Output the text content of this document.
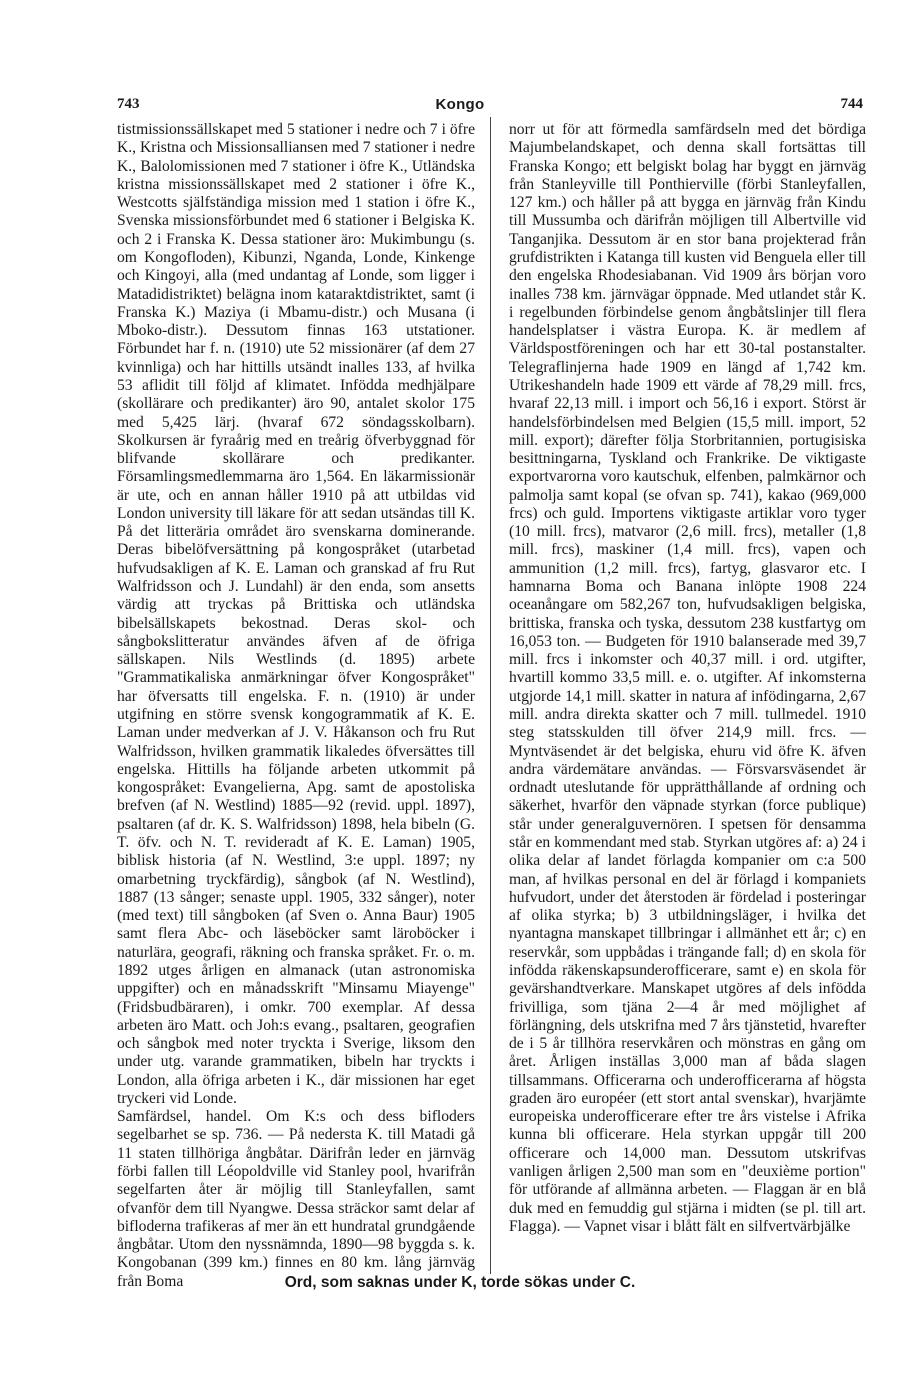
743	Kongo	744

tistmissionssällskapet med 5 stationer i nedre och 7 i öfre K., Kristna och Missionsalliansen med 7 stationer i nedre K., Balolomissionen med 7 stationer i öfre K., Utländska kristna missionssällskapet med 2 stationer i öfre K., Westcotts själfständiga mission med 1 station i öfre K., Svenska missionsförbundet med 6 stationer i Belgiska K. och 2 i Franska K. Dessa stationer äro: Mukimbungu (s. om Kongofloden), Kibunzi, Nganda, Londe, Kinkenge och Kingoyi, alla (med undantag af Londe, som ligger i Matadidistriktet) belägna inom kataraktdistriktet, samt (i Franska K.) Maziya (i Mbamu-distr.) och Musana (i Mboko-distr.). Dessutom finnas 163 utstationer. Förbundet har f. n. (1910) ute 52 missionärer (af dem 27 kvinnliga) och har hittills utsändt inalles 133, af hvilka 53 aflidit till följd af klimatet. Infödda medhjälpare (skollärare och predikanter) äro 90, antalet skolor 175 med 5,425 lärj. (hvaraf 672 söndagsskolbarn). Skolkursen är fyraårig med en treårig öfverbyggnad för blifvande skollärare och predikanter. Församlingsmedlemmarna äro 1,564. En läkarmissionär är ute, och en annan håller 1910 på att utbildas vid London university till läkare för att sedan utsändas till K. På det litteräria området äro svenskarna dominerande. Deras bibelöfversättning på kongospråket (utarbetad hufvudsakligen af K. E. Laman och granskad af fru Rut Walfridsson och J. Lundahl) är den enda, som ansetts värdig att tryckas på Brittiska och utländska bibelsällskapets bekostnad. Deras skol- och sångbokslitteratur användes äfven af de öfriga sällskapen. Nils Westlinds (d. 1895) arbete "Grammatikaliska anmärkningar öfver Kongospråket" har öfversatts till engelska. F. n. (1910) är under utgifning en större svensk kongogrammatik af K. E. Laman under medverkan af J. V. Håkanson och fru Rut Walfridsson, hvilken grammatik likaledes öfversättes till engelska. Hittills ha följande arbeten utkommit på kongospråket: Evangelierna, Apg. samt de apostoliska brefven (af N. Westlind) 1885—92 (revid. uppl. 1897), psaltaren (af dr. K. S. Walfridsson) 1898, hela bibeln (G. T. öfv. och N. T. revideradt af K. E. Laman) 1905, biblisk historia (af N. Westlind, 3:e uppl. 1897; ny omarbetning tryckfärdig), sångbok (af N. Westlind), 1887 (13 sånger; senaste uppl. 1905, 332 sånger), noter (med text) till sångboken (af Sven o. Anna Baur) 1905 samt flera Abc- och läseböcker samt läroböcker i naturlära, geografi, räkning och franska språket. Fr. o. m. 1892 utges årligen en almanack (utan astronomiska uppgifter) och en månadsskrift "Minsamu Miayenge" (Fridsbudbäraren), i omkr. 700 exemplar. Af dessa arbeten äro Matt. och Joh:s evang., psaltaren, geografien och sångbok med noter tryckta i Sverige, liksom den under utg. varande grammatiken, bibeln har tryckts i London, alla öfriga arbeten i K., där missionen har eget tryckeri vid Londe.

Samfärdsel, handel. Om K:s och dess bifloders segelbarhet se sp. 736. — På nedersta K. till Matadi gå 11 staten tillhöriga ångbåtar. Därifrån leder en järnväg förbi fallen till Léopoldville vid Stanley pool, hvarifrån segelfarten åter är möjlig till Stanleyfallen, samt ofvanför dem till Nyangwe. Dessa sträckor samt delar af bifloderna trafikeras af mer än ett hundratal grundgående ångbåtar. Utom den nyssnämnda, 1890—98 byggda s. k. Kongobanan (399 km.) finnes en 80 km. lång järnväg från Boma

norr ut för att förmedla samfärdseln med det bördiga Majumbelandskapet, och denna skall fortsättas till Franska Kongo; ett belgiskt bolag har byggt en järnväg från Stanleyville till Ponthierville (förbi Stanleyfallen, 127 km.) och håller på att bygga en järnväg från Kindu till Mussumba och därifrån möjligen till Albertville vid Tanganjika. Dessutom är en stor bana projekterad från grufdistrikten i Katanga till kusten vid Benguela eller till den engelska Rhodesiabanan. Vid 1909 års början voro inalles 738 km. järnvägar öppnade. Med utlandet står K. i regelbunden förbindelse genom ångbåtslinjer till flera handelsplatser i västra Europa. K. är medlem af Världspostföreningen och har ett 30-tal postanstalter. Telegraflinjerna hade 1909 en längd af 1,742 km. Utrikeshandeln hade 1909 ett värde af 78,29 mill. frcs, hvaraf 22,13 mill. i import och 56,16 i export. Störst är handelsförbindelsen med Belgien (15,5 mill. import, 52 mill. export); därefter följa Storbritannien, portugisiska besittningarna, Tyskland och Frankrike. De viktigaste exportvarorna voro kautschuk, elfenben, palmkärnor och palmolja samt kopal (se ofvan sp. 741), kakao (969,000 frcs) och guld. Importens viktigaste artiklar voro tyger (10 mill. frcs), matvaror (2,6 mill. frcs), metaller (1,8 mill. frcs), maskiner (1,4 mill. frcs), vapen och ammunition (1,2 mill. frcs), fartyg, glasvaror etc. I hamnarna Boma och Banana inlöpte 1908 224 oceanångare om 582,267 ton, hufvudsakligen belgiska, brittiska, franska och tyska, dessutom 238 kustfartyg om 16,053 ton. — Budgeten för 1910 balanserade med 39,7 mill. frcs i inkomster och 40,37 mill. i ord. utgifter, hvartill kommo 33,5 mill. e. o. utgifter. Af inkomsterna utgjorde 14,1 mill. skatter in natura af infödingarna, 2,67 mill. andra direkta skatter och 7 mill. tullmedel. 1910 steg statsskulden till öfver 214,9 mill. frcs. — Myntväsendet är det belgiska, ehuru vid öfre K. äfven andra värdemätare användas. — Försvarsväsendet är ordnadt uteslutande för upprätthållande af ordning och säkerhet, hvarför den väpnade styrkan (force publique) står under generalguvernören. I spetsen för densamma står en kommendant med stab. Styrkan utgöres af: a) 24 i olika delar af landet förlagda kompanier om c:a 500 man, af hvilkas personal en del är förlagd i kompaniets hufvudort, under det återstoden är fördelad i posteringar af olika styrka; b) 3 utbildningsläger, i hvilka det nyantagna manskapet tillbringar i allmänhet ett år; c) en reservkår, som uppbådas i trängande fall; d) en skola för infödda räkenskapsunderofficerare, samt e) en skola för gevärshandtverkare. Manskapet utgöres af dels infödda frivilliga, som tjäna 2—4 år med möjlighet af förlängning, dels utskrifna med 7 års tjänstetid, hvarefter de i 5 år tillhöra reservkåren och mönstras en gång om året. Årligen inställas 3,000 man af båda slagen tillsammans. Officerarna och underofficerarna af högsta graden äro européer (ett stort antal svenskar), hvarjämte europeiska underofficerare efter tre års vistelse i Afrika kunna bli officerare. Hela styrkan uppgår till 200 officerare och 14,000 man. Dessutom utskrifvas vanligen årligen 2,500 man som en "deuxième portion" för utförande af allmänna arbeten. — Flaggan är en blå duk med en femuddig gul stjärna i midten (se pl. till art. Flagga). — Vapnet visar i blått fält en silfvertvärbjälke

Ord, som saknas under K, torde sökas under C.
